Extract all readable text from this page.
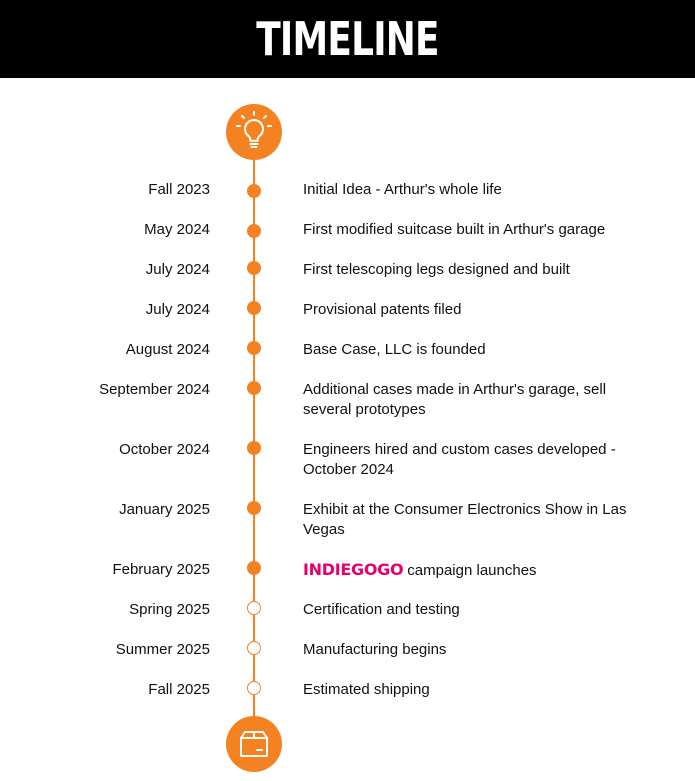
TIMELINE
Fall 2023	Initial Idea - Arthur's whole life
May 2024	First modified suitcase built in Arthur's garage
July 2024	First telescoping legs designed and built
July 2024	Provisional patents filed
August 2024	Base Case, LLC is founded
September 2024	Additional cases made in Arthur's garage, sell several prototypes
October 2024	Engineers hired and custom cases developed - October 2024
January 2025	Exhibit at the Consumer Electronics Show in Las Vegas
February 2025	INDIEGOGO campaign launches
Spring 2025	Certification and testing
Summer 2025	Manufacturing begins
Fall 2025	Estimated shipping
